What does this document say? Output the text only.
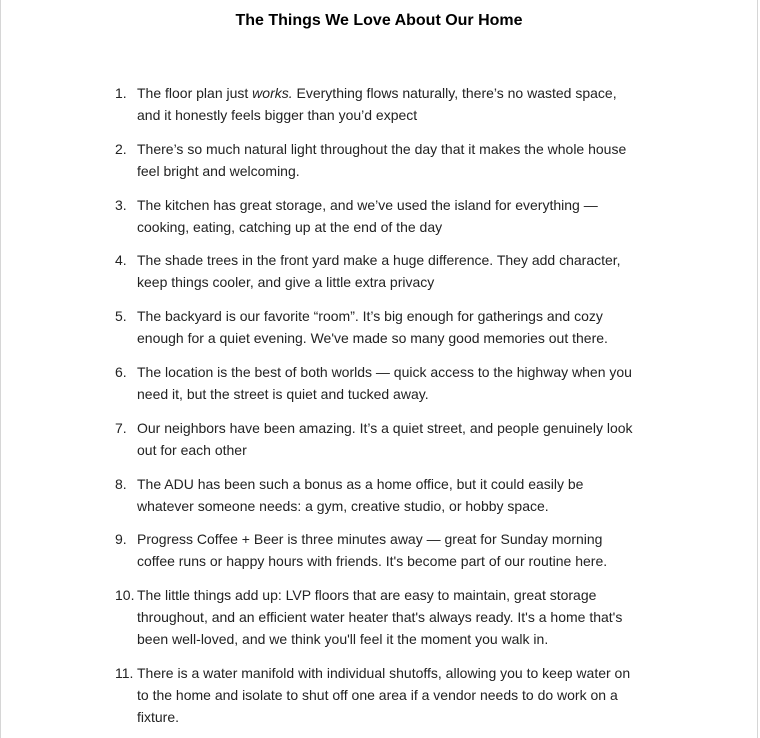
The Things We Love About Our Home
1. The floor plan just works. Everything flows naturally, there’s no wasted space,
and it honestly feels bigger than you’d expect
2. There’s so much natural light throughout the day that it makes the whole house
feel bright and welcoming.
3. The kitchen has great storage, and we’ve used the island for everything —
cooking, eating, catching up at the end of the day
4. The shade trees in the front yard make a huge difference. They add character,
keep things cooler, and give a little extra privacy
5. The backyard is our favorite “room”. It’s big enough for gatherings and cozy
enough for a quiet evening. We've made so many good memories out there.
6. The location is the best of both worlds — quick access to the highway when you
need it, but the street is quiet and tucked away.
7. Our neighbors have been amazing. It’s a quiet street, and people genuinely look
out for each other
8. The ADU has been such a bonus as a home office, but it could easily be
whatever someone needs: a gym, creative studio, or hobby space.
9. Progress Coffee + Beer is three minutes away — great for Sunday morning
coffee runs or happy hours with friends. It's become part of our routine here.
10. The little things add up: LVP floors that are easy to maintain, great storage
throughout, and an efficient water heater that's always ready. It's a home that's
been well-loved, and we think you'll feel it the moment you walk in.
11. There is a water manifold with individual shutoffs, allowing you to keep water on
to the home and isolate to shut off one area if a vendor needs to do work on a
fixture.
